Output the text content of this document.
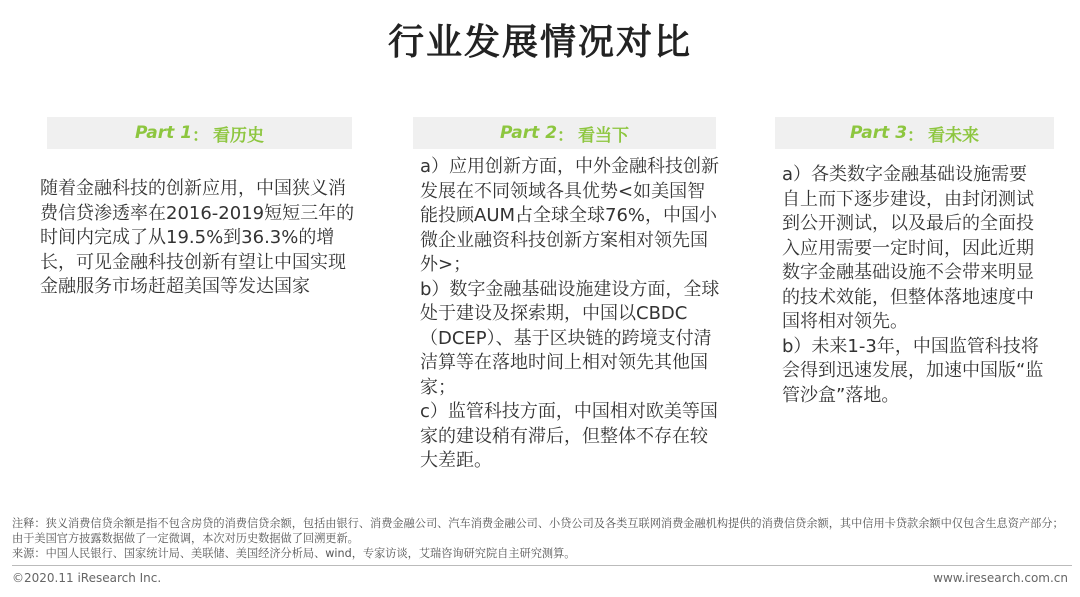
行业发展情况对比
Part 1 ： 看历史

随着金融科技的创新应用，中国狭义消费信贷渗透率在2016-2019短短三年的时间内完成了从19.5%到36.3%的增长，可见金融科技创新有望让中国实现金融服务市场赶超美国等发达国家

Part 2 ： 看当下

a）应用创新方面，中外金融科技创新发展在不同领域各具优势<如美国智能投顾AUM占全球全球76%，中国小微企业融资科技创新方案相对领先国外>；

b）数字金融基础设施建设方面，全球处于建设及探索期，中国以CBDC（DCEP）、基于区块链的跨境支付清洁算等在落地时间上相对领先其他国家；

c）监管科技方面，中国相对欧美等国家的建设稍有滞后，但整体不存在较大差距。

Part 3 ： 看未来

a）各类数字金融基础设施需要自上而下逐步建设，由封闭测试到公开测试，以及最后的全面投入应用需要一定时间，因此近期数字金融基础设施不会带来明显的技术效能，但整体落地速度中国将相对领先。

b）未来1-3年，中国监管科技将会得到迅速发展，加速中国版“监管沙盒”落地。

注释：狭义消费信贷余额是指不包含房贷的消费信贷余额，包括由银行、消费金融公司、汽车消费金融公司、小贷公司及各类互联网消费金融机构提供的消费信贷余额，其中信用卡贷款余额中仅包含生息资产部分；由于美国官方披露数据做了一定微调，本次对历史数据做了回溯更新。

来源：中国人民银行、国家统计局、美联储、美国经济分析局、wind，专家访谈，艾瑞咨询研究院自主研究测算。

©2020.11 iResearch Inc.	www.iresearch.com.cn
